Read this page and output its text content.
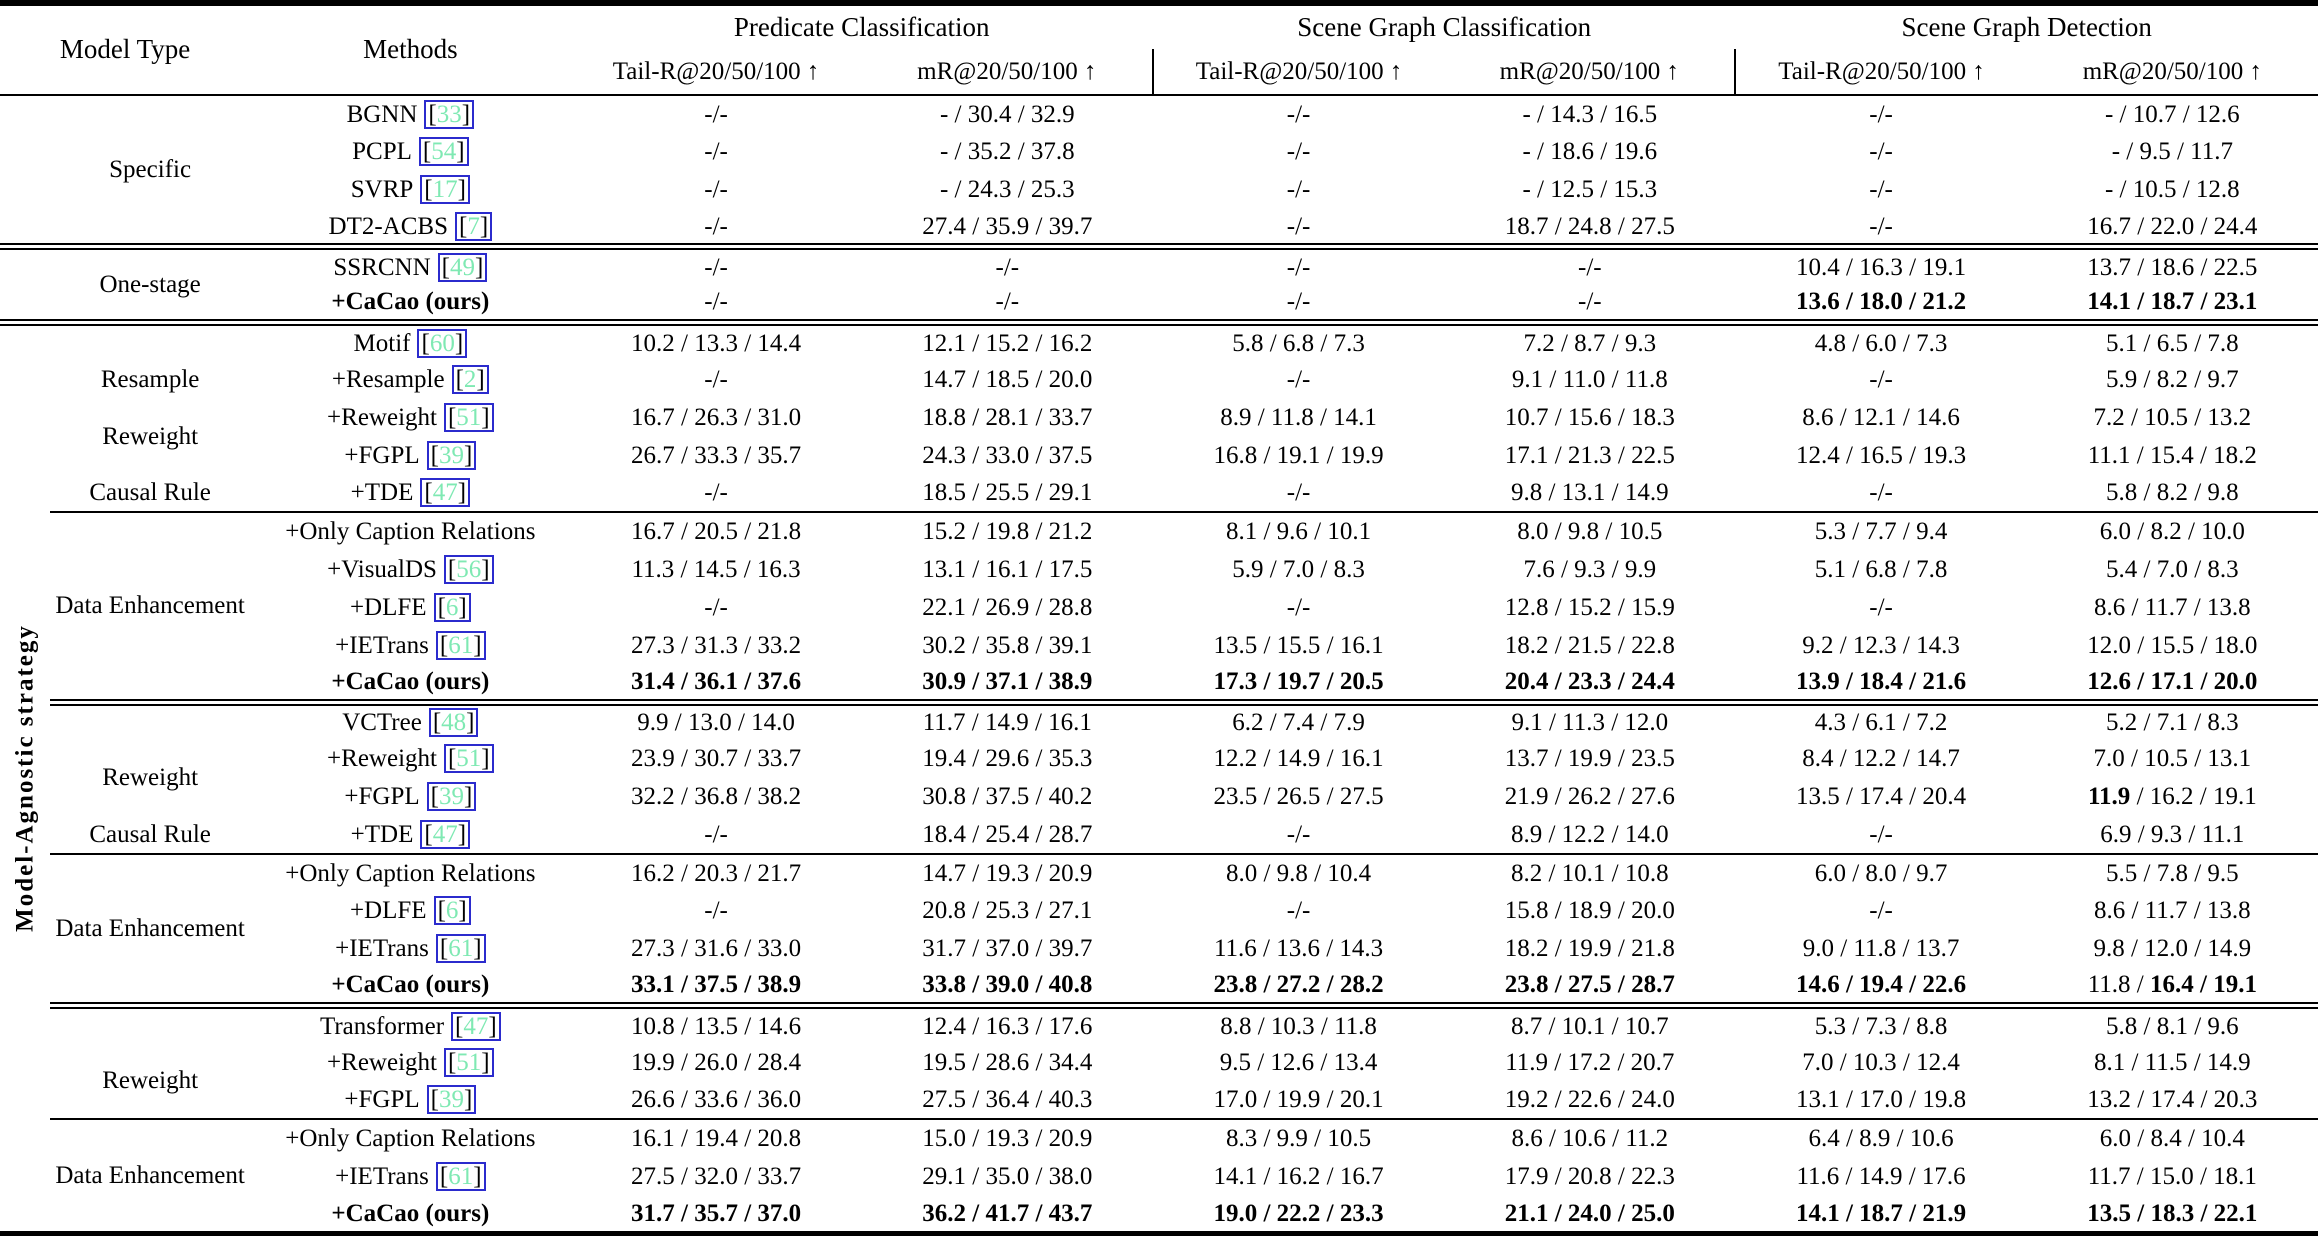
Model Type		Methods	Predicate Classification		Scene Graph Classification		Scene Graph Detection	
			Tail-R@20/50/100 ↑	mR@20/50/100 ↑	Tail-R@20/50/100 ↑	mR@20/50/100 ↑	Tail-R@20/50/100 ↑	mR@20/50/100 ↑
	Specific	BGNN [33]	-/-	- / 30.4 / 32.9	-/-	- / 14.3 / 16.5	-/-	- / 10.7 / 12.6
		PCPL [54]	-/-	- / 35.2 / 37.8	-/-	- / 18.6 / 19.6	-/-	- / 9.5 / 11.7
		SVRP [17]	-/-	- / 24.3 / 25.3	-/-	- / 12.5 / 15.3	-/-	- / 10.5 / 12.8
		DT2-ACBS [7]	-/-	27.4 / 35.9 / 39.7	-/-	18.7 / 24.8 / 27.5	-/-	16.7 / 22.0 / 24.4
	One-stage	SSRCNN [49]	-/-	-/-	-/-	-/-	10.4 / 16.3 / 19.1	13.7 / 18.6 / 22.5
		+CaCao (ours)	-/-	-/-	-/-	-/-	13.6 / 18.0 / 21.2	14.1 / 18.7 / 23.1

Model-Agnostic strategy		Motif [60]	10.2 / 13.3 / 14.4	12.1 / 15.2 / 16.2	5.8 / 6.8 / 7.3	7.2 / 8.7 / 9.3	4.8 / 6.0 / 7.3	5.1 / 6.5 / 7.8
	Resample	+Resample [2]	-/-	14.7 / 18.5 / 20.0	-/-	9.1 / 11.0 / 11.8	-/-	5.9 / 8.2 / 9.7
	Reweight	+Reweight [51]	16.7 / 26.3 / 31.0	18.8 / 28.1 / 33.7	8.9 / 11.8 / 14.1	10.7 / 15.6 / 18.3	8.6 / 12.1 / 14.6	7.2 / 10.5 / 13.2
		+FGPL [39]	26.7 / 33.3 / 35.7	24.3 / 33.0 / 37.5	16.8 / 19.1 / 19.9	17.1 / 21.3 / 22.5	12.4 / 16.5 / 19.3	11.1 / 15.4 / 18.2
	Causal Rule	+TDE [47]	-/-	18.5 / 25.5 / 29.1	-/-	9.8 / 13.1 / 14.9	-/-	5.8 / 8.2 / 9.8
	Data Enhancement	+Only Caption Relations	16.7 / 20.5 / 21.8	15.2 / 19.8 / 21.2	8.1 / 9.6 / 10.1	8.0 / 9.8 / 10.5	5.3 / 7.7 / 9.4	6.0 / 8.2 / 10.0
		+VisualDS [56]	11.3 / 14.5 / 16.3	13.1 / 16.1 / 17.5	5.9 / 7.0 / 8.3	7.6 / 9.3 / 9.9	5.1 / 6.8 / 7.8	5.4 / 7.0 / 8.3
		+DLFE [6]	-/-	22.1 / 26.9 / 28.8	-/-	12.8 / 15.2 / 15.9	-/-	8.6 / 11.7 / 13.8
		+IETrans [61]	27.3 / 31.3 / 33.2	30.2 / 35.8 / 39.1	13.5 / 15.5 / 16.1	18.2 / 21.5 / 22.8	9.2 / 12.3 / 14.3	12.0 / 15.5 / 18.0
		+CaCao (ours)	31.4 / 36.1 / 37.6	30.9 / 37.1 / 38.9	17.3 / 19.7 / 20.5	20.4 / 23.3 / 24.4	13.9 / 18.4 / 21.6	12.6 / 17.1 / 20.0
		VCTree [48]	9.9 / 13.0 / 14.0	11.7 / 14.9 / 16.1	6.2 / 7.4 / 7.9	9.1 / 11.3 / 12.0	4.3 / 6.1 / 7.2	5.2 / 7.1 / 8.3
	Reweight	+Reweight [51]	23.9 / 30.7 / 33.7	19.4 / 29.6 / 35.3	12.2 / 14.9 / 16.1	13.7 / 19.9 / 23.5	8.4 / 12.2 / 14.7	7.0 / 10.5 / 13.1
		+FGPL [39]	32.2 / 36.8 / 38.2	30.8 / 37.5 / 40.2	23.5 / 26.5 / 27.5	21.9 / 26.2 / 27.6	13.5 / 17.4 / 20.4	11.9 / 16.2 / 19.1
	Causal Rule	+TDE [47]	-/-	18.4 / 25.4 / 28.7	-/-	8.9 / 12.2 / 14.0	-/-	6.9 / 9.3 / 11.1
	Data Enhancement	+Only Caption Relations	16.2 / 20.3 / 21.7	14.7 / 19.3 / 20.9	8.0 / 9.8 / 10.4	8.2 / 10.1 / 10.8	6.0 / 8.0 / 9.7	5.5 / 7.8 / 9.5
		+DLFE [6]	-/-	20.8 / 25.3 / 27.1	-/-	15.8 / 18.9 / 20.0	-/-	8.6 / 11.7 / 13.8
		+IETrans [61]	27.3 / 31.6 / 33.0	31.7 / 37.0 / 39.7	11.6 / 13.6 / 14.3	18.2 / 19.9 / 21.8	9.0 / 11.8 / 13.7	9.8 / 12.0 / 14.9
		+CaCao (ours)	33.1 / 37.5 / 38.9	33.8 / 39.0 / 40.8	23.8 / 27.2 / 28.2	23.8 / 27.5 / 28.7	14.6 / 19.4 / 22.6	11.8 / 16.4 / 19.1
		Transformer [47]	10.8 / 13.5 / 14.6	12.4 / 16.3 / 17.6	8.8 / 10.3 / 11.8	8.7 / 10.1 / 10.7	5.3 / 7.3 / 8.8	5.8 / 8.1 / 9.6
	Reweight	+Reweight [51]	19.9 / 26.0 / 28.4	19.5 / 28.6 / 34.4	9.5 / 12.6 / 13.4	11.9 / 17.2 / 20.7	7.0 / 10.3 / 12.4	8.1 / 11.5 / 14.9
		+FGPL [39]	26.6 / 33.6 / 36.0	27.5 / 36.4 / 40.3	17.0 / 19.9 / 20.1	19.2 / 22.6 / 24.0	13.1 / 17.0 / 19.8	13.2 / 17.4 / 20.3
	Data Enhancement	+Only Caption Relations	16.1 / 19.4 / 20.8	15.0 / 19.3 / 20.9	8.3 / 9.9 / 10.5	8.6 / 10.6 / 11.2	6.4 / 8.9 / 10.6	6.0 / 8.4 / 10.4
		+IETrans [61]	27.5 / 32.0 / 33.7	29.1 / 35.0 / 38.0	14.1 / 16.2 / 16.7	17.9 / 20.8 / 22.3	11.6 / 14.9 / 17.6	11.7 / 15.0 / 18.1
		+CaCao (ours)	31.7 / 35.7 / 37.0	36.2 / 41.7 / 43.7	19.0 / 22.2 / 23.3	21.1 / 24.0 / 25.0	14.1 / 18.7 / 21.9	13.5 / 18.3 / 22.1
